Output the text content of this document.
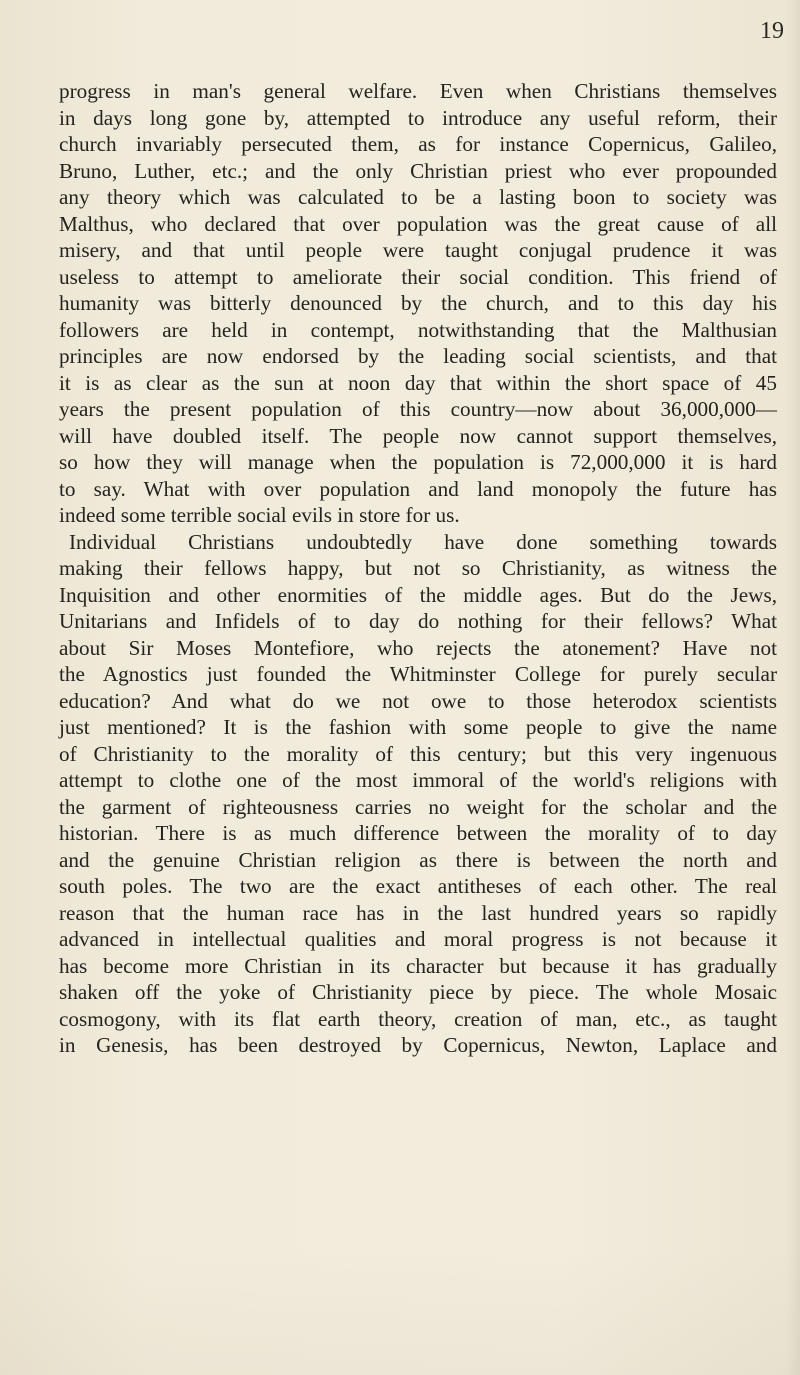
19
progress in man's general welfare. Even when Christians themselves
in days long gone by, attempted to introduce any useful reform, their
church invariably persecuted them, as for instance Copernicus, Galileo,
Bruno, Luther, etc.; and the only Christian priest who ever propounded
any theory which was calculated to be a lasting boon to society was
Malthus, who declared that over population was the great cause of all
misery, and that until people were taught conjugal prudence it was
useless to attempt to ameliorate their social condition. This friend of
humanity was bitterly denounced by the church, and to this day his
followers are held in contempt, notwithstanding that the Malthusian
principles are now endorsed by the leading social scientists, and that
it is as clear as the sun at noon day that within the short space of 45
years the present population of this country—now about 36,000,000—
will have doubled itself. The people now cannot support themselves,
so how they will manage when the population is 72,000,000 it is hard
to say. What with over population and land monopoly the future has
indeed some terrible social evils in store for us.
Individual Christians undoubtedly have done something towards
making their fellows happy, but not so Christianity, as witness the
Inquisition and other enormities of the middle ages. But do the Jews,
Unitarians and Infidels of to day do nothing for their fellows? What
about Sir Moses Montefiore, who rejects the atonement? Have not
the Agnostics just founded the Whitminster College for purely secular
education? And what do we not owe to those heterodox scientists
just mentioned? It is the fashion with some people to give the name
of Christianity to the morality of this century; but this very ingenuous
attempt to clothe one of the most immoral of the world's religions with
the garment of righteousness carries no weight for the scholar and the
historian. There is as much difference between the morality of to day
and the genuine Christian religion as there is between the north and
south poles. The two are the exact antitheses of each other. The real
reason that the human race has in the last hundred years so rapidly
advanced in intellectual qualities and moral progress is not because it
has become more Christian in its character but because it has gradually
shaken off the yoke of Christianity piece by piece. The whole Mosaic
cosmogony, with its flat earth theory, creation of man, etc., as taught
in Genesis, has been destroyed by Copernicus, Newton, Laplace and
